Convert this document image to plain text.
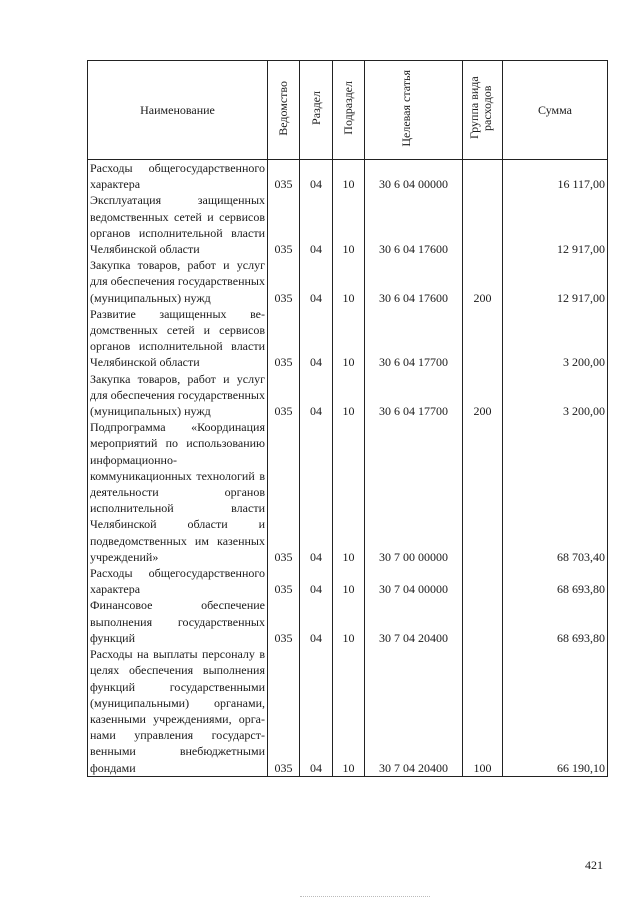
Наименование	Ведомство	Раздел	Подраздел	Целевая статья	Группа вида расходов	Сумма
Расходы общегосударственного характера	035	04	10	30 6 04 00000		16 117,00
Эксплуатация защищенных ведомственных сетей и сервисов органов исполнительной власти Челябинской области	035	04	10	30 6 04 17600		12 917,00
Закупка товаров, работ и услуг для обеспечения государственных (муниципальных) нужд	035	04	10	30 6 04 17600	200	12 917,00
Развитие защищенных ведомственных сетей и сервисов органов исполнительной власти Челябинской области	035	04	10	30 6 04 17700		3 200,00
Закупка товаров, работ и услуг для обеспечения государственных (муниципальных) нужд	035	04	10	30 6 04 17700	200	3 200,00
Подпрограмма «Координация мероприятий по использованию информационно-коммуникационных технологий в деятельности органов исполнительной власти Челябинской области и подведомственных им казенных учреждений»	035	04	10	30 7 00 00000		68 703,40
Расходы общегосударственного характера	035	04	10	30 7 04 00000		68 693,80
Финансовое обеспечение выполнения государственных функций	035	04	10	30 7 04 20400		68 693,80
Расходы на выплаты персоналу в целях обеспечения выполнения функций государственными (муниципальными) органами, казенными учреждениями, органами управления государственными внебюджетными фондами	035	04	10	30 7 04 20400	100	66 190,10
421
